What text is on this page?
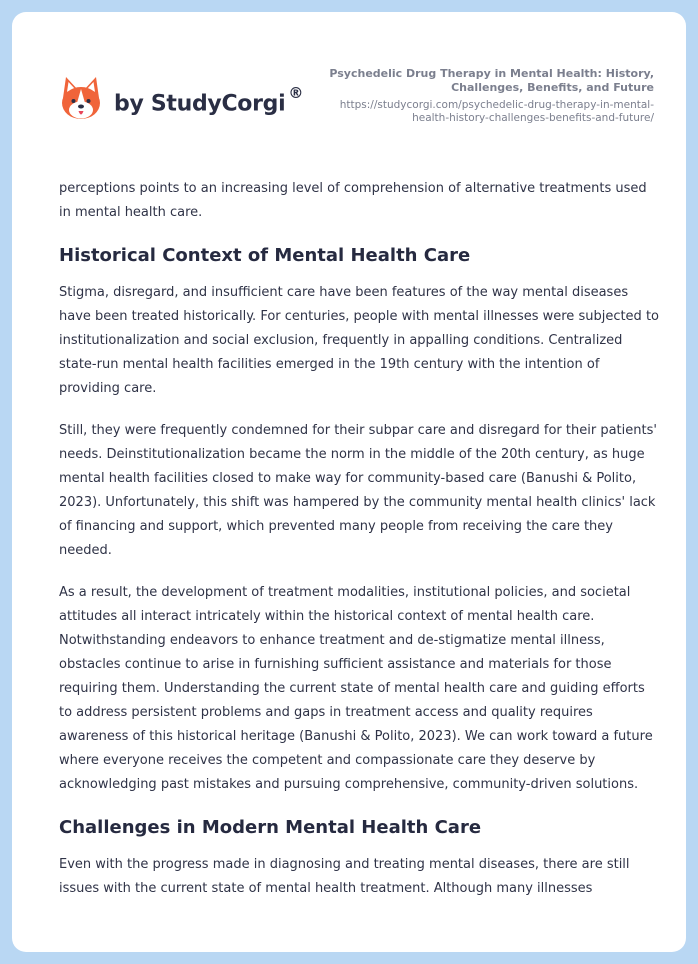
by StudyCorgi ®
Psychedelic Drug Therapy in Mental Health: History, Challenges, Benefits, and Future
https://studycorgi.com/psychedelic-drug-therapy-in-mental-health-history-challenges-benefits-and-future/

perceptions points to an increasing level of comprehension of alternative treatments used in mental health care.

Historical Context of Mental Health Care

Stigma, disregard, and insufficient care have been features of the way mental diseases have been treated historically. For centuries, people with mental illnesses were subjected to institutionalization and social exclusion, frequently in appalling conditions. Centralized state-run mental health facilities emerged in the 19th century with the intention of providing care.

Still, they were frequently condemned for their subpar care and disregard for their patients' needs. Deinstitutionalization became the norm in the middle of the 20th century, as huge mental health facilities closed to make way for community-based care (Banushi & Polito, 2023). Unfortunately, this shift was hampered by the community mental health clinics' lack of financing and support, which prevented many people from receiving the care they needed.

As a result, the development of treatment modalities, institutional policies, and societal attitudes all interact intricately within the historical context of mental health care. Notwithstanding endeavors to enhance treatment and de-stigmatize mental illness, obstacles continue to arise in furnishing sufficient assistance and materials for those requiring them. Understanding the current state of mental health care and guiding efforts to address persistent problems and gaps in treatment access and quality requires awareness of this historical heritage (Banushi & Polito, 2023). We can work toward a future where everyone receives the competent and compassionate care they deserve by acknowledging past mistakes and pursuing comprehensive, community-driven solutions.

Challenges in Modern Mental Health Care

Even with the progress made in diagnosing and treating mental diseases, there are still issues with the current state of mental health treatment. Although many illnesses
